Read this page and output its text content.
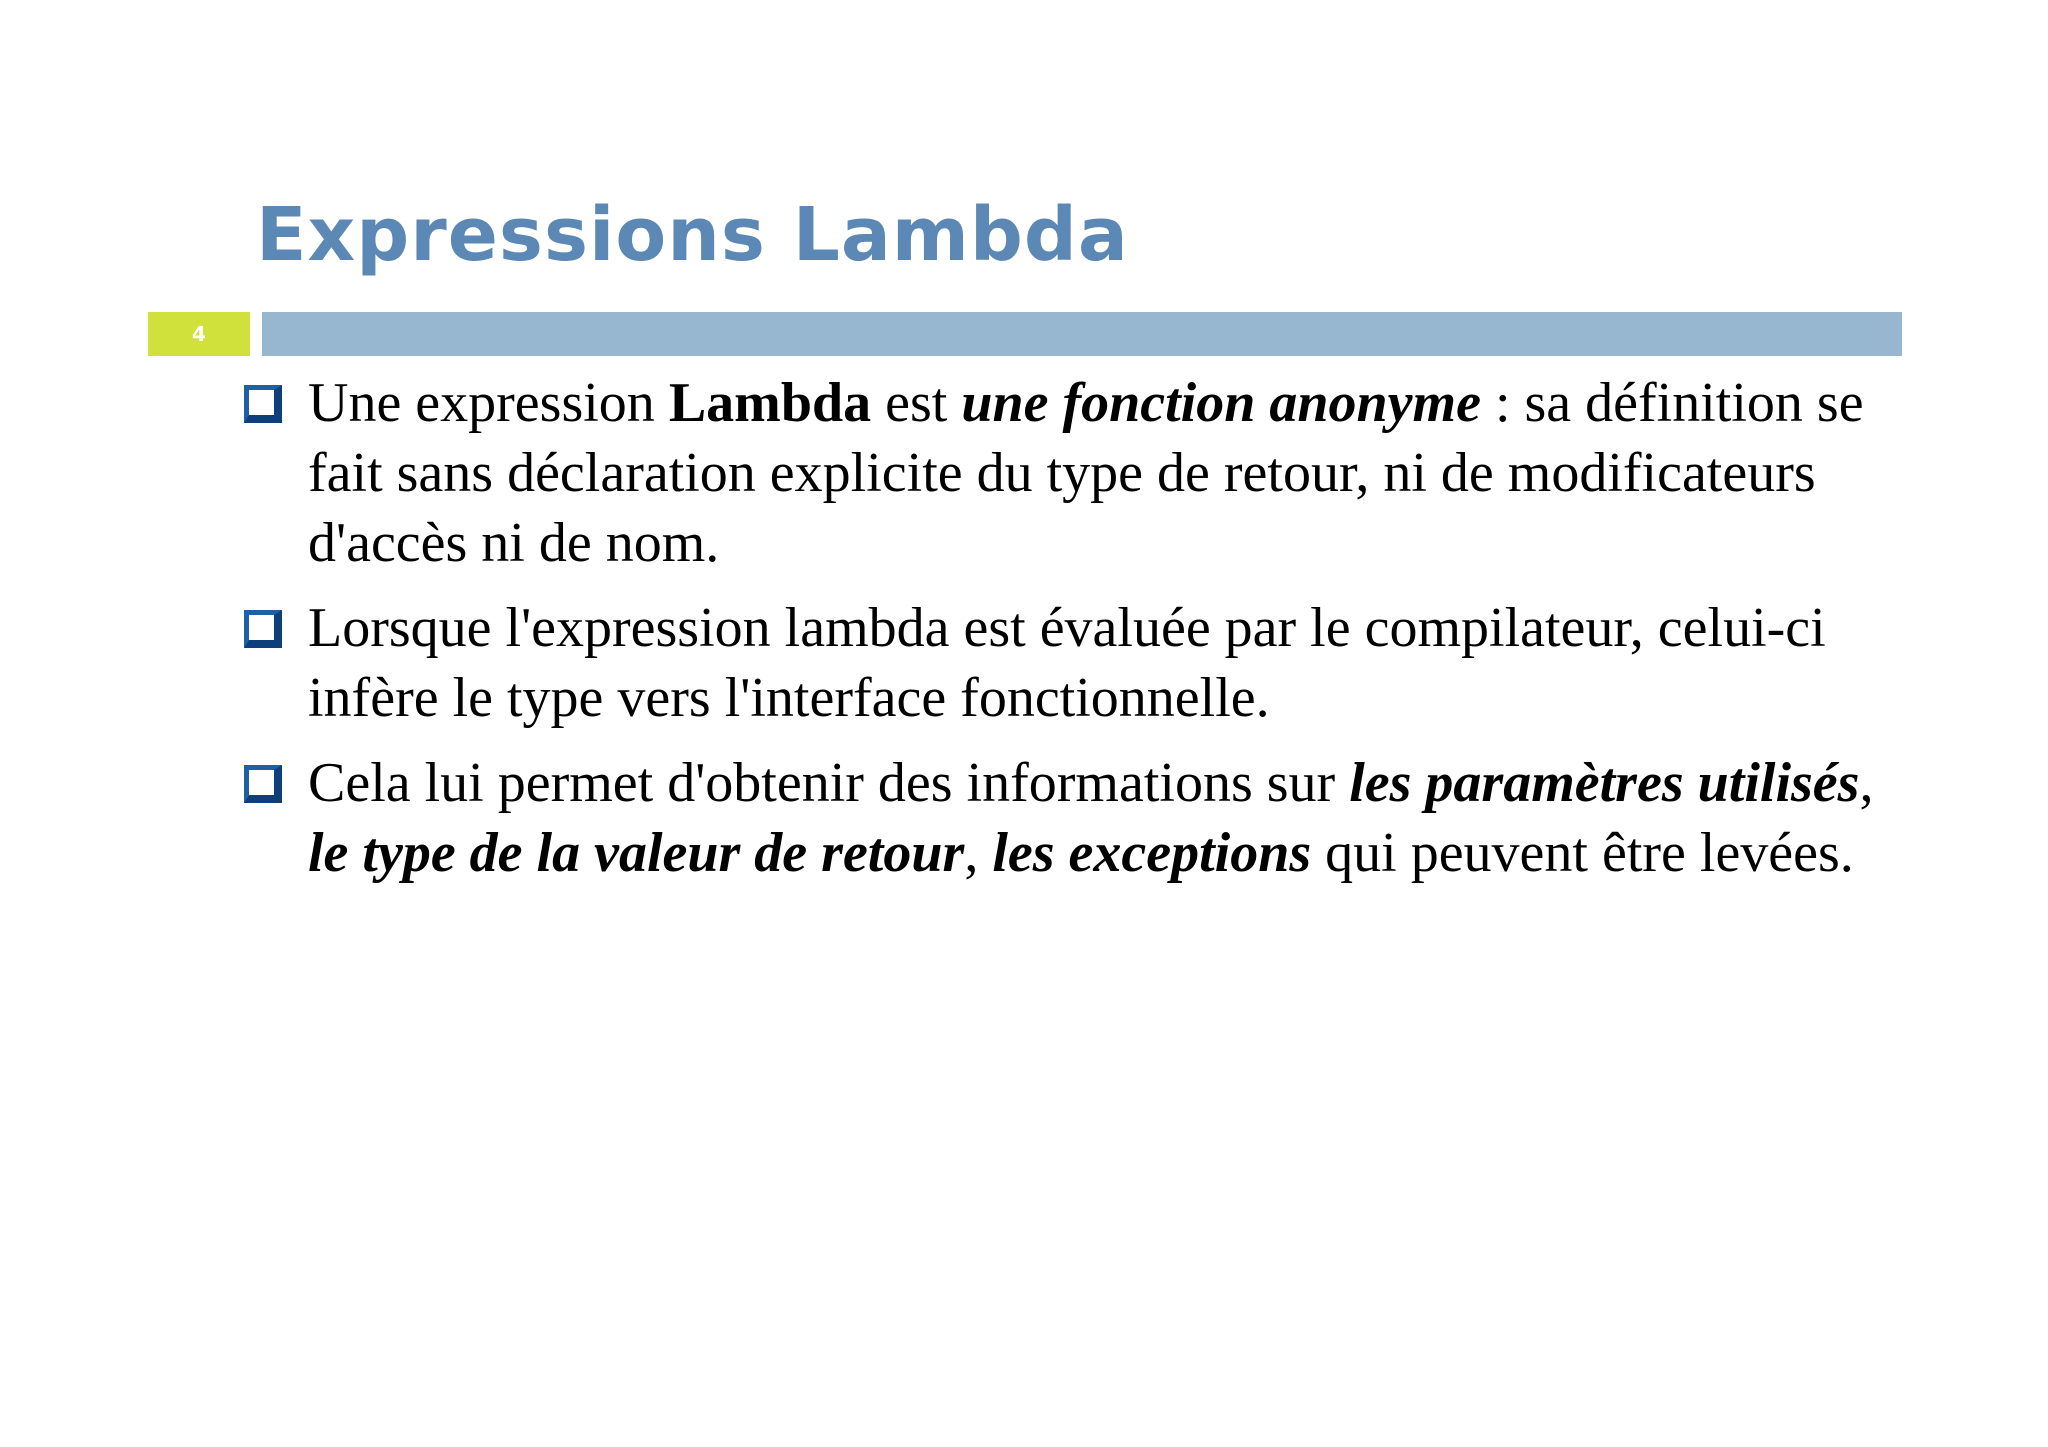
Expressions Lambda
4
Une expression Lambda est une fonction anonyme : sa définition se fait sans déclaration explicite du type de retour, ni de modificateurs d'accès ni de nom.
Lorsque l'expression lambda est évaluée par le compilateur, celui-ci infère le type vers l'interface fonctionnelle.
Cela lui permet d'obtenir des informations sur les paramètres utilisés, le type de la valeur de retour, les exceptions qui peuvent être levées.
